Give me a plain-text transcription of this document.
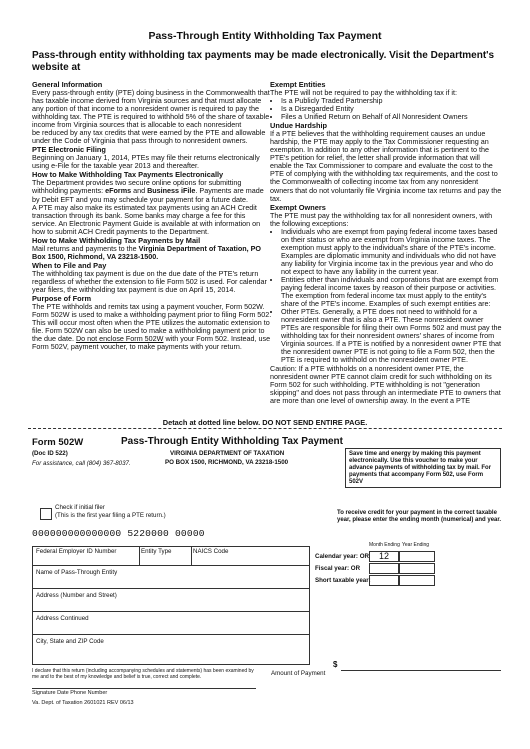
Pass-Through Entity Withholding Tax Payment

Pass-through entity withholding tax payments may be made electronically. Visit the Department's website at

General Information

Every pass-through entity (PTE) doing business in the Commonwealth that has taxable income derived from Virginia sources and that must allocate any portion of that income to a nonresident owner is required to pay the withholding tax. The PTE is required to withhold 5% of the share of taxable income from Virginia sources that is allocable to each nonresident

be reduced by any tax credits that were earned by the PTE and allowable under the Code of Virginia that pass through to nonresident owners.

PTE Electronic Filing

Beginning on January 1, 2014, PTEs may file their returns electronically using e-File for the taxable year 2013 and thereafter.

How to Make Withholding Tax Payments Electronically

The Department provides two secure online options for submitting withholding payments: eForms and Business iFile. Payments are made by Debit EFT and you may schedule your payment for a future date.

A PTE may also make its estimated tax payments using an ACH Credit transaction through its bank. Some banks may charge a fee for this service. An Electronic Payment Guide is available at with information on how to submit ACH Credit payments to the Department.

How to Make Withholding Tax Payments by Mail

Mail returns and payments to the Virginia Department of Taxation, PO Box 1500, Richmond, VA 23218-1500.

When to File and Pay

The withholding tax payment is due on the due date of the PTE's return regardless of whether the extension to file Form 502 is used. For calendar year filers, the withholding tax payment is due on April 15, 2014.

Purpose of Form

The PTE withholds and remits tax using a payment voucher, Form 502W. Form 502W is used to make a withholding payment prior to filing Form 502. This will occur most often when the PTE utilizes the automatic extension to file. Form 502W can also be used to make a withholding payment prior to the due date. Do not enclose Form 502W with your Form 502. Instead, use Form 502V, payment voucher, to make payments with your return.

Exempt Entities

The PTE will not be required to pay the withholding tax if it:

• Is a Publicly Traded Partnership
• Is a Disregarded Entity
• Files a Unified Return on Behalf of All Nonresident Owners
Undue Hardship

If a PTE believes that the withholding requirement causes an undue hardship, the PTE may apply to the Tax Commissioner requesting an exemption. In addition to any other information that is pertinent to the PTE's petition for relief, the letter shall provide information that will enable the Tax Commissioner to compare and evaluate the cost to the PTE of complying with the withholding tax requirements, and the cost to the Commonwealth of collecting income tax from any nonresident owners that do not voluntarily file Virginia income tax returns and pay the tax.

Exempt Owners

The PTE must pay the withholding tax for all nonresident owners, with the following exceptions:

• Individuals who are exempt from paying federal income taxes based on their status or who are exempt from Virginia income taxes. The exemption must apply to the individual's share of the PTE's income. Examples are diplomatic immunity and individuals who did not have any liability for Virginia income tax in the previous year and who do not expect to have any liability in the current year.
• Entities other than individuals and corporations that are exempt from paying federal income taxes by reason of their purpose or activities. The exemption from federal income tax must apply to the entity's share of the PTE's income. Examples of such exempt entities are:
• Other PTEs. Generally, a PTE does not need to withhold for a nonresident owner that is also a PTE. These nonresident owner PTEs are responsible for filing their own Forms 502 and must pay the withholding tax for their nonresident owners' shares of income from Virginia sources. If a PTE is notified by a nonresident owner PTE that the nonresident owner PTE is not going to file a Form 502, then the PTE is required to withhold on the nonresident owner PTE.

Caution: If a PTE withholds on a nonresident owner PTE, the nonresident owner PTE cannot claim credit for such withholding on its Form 502 for such withholding. PTE withholding is not "generation skipping" and does not pass through an intermediate PTE to owners that are more than one level of ownership away. In the event a PTE

Detach at dotted line below. DO NOT SEND ENTIRE PAGE.
Form 502W
(Doc ID 522)
For assistance, call (804) 367-8037.
Pass-Through Entity Withholding Tax Payment
VIRGINIA DEPARTMENT OF TAXATION
PO BOX 1500, RICHMOND, VA 23218-1500
Save time and energy by making this payment electronically. Use this voucher to make your advance payments of withholding tax by mail. For payments that accompany Form 502, use Form 502V
Check if initial filer
(This is the first year filing a PTE return.)
000000000000000 5220000 00000
Federal Employer ID Number	Entity Type	NAICS Code
Name of Pass-Through Entity
Address (Number and Street)
Address Continued
City, State and ZIP Code
To receive credit for your payment in the correct taxable year, please enter the ending month (numerical) and year.
Month Ending Year Ending
Calendar year: OR	12
Fiscal year: OR
Short taxable year:
$
Amount of Payment
I declare that this return (including accompanying schedules and statements) has been examined by me and to the best of my knowledge and belief is true, correct and complete.
Signature Date Phone Number
Va. Dept. of Taxation 2601021 REV 06/13
